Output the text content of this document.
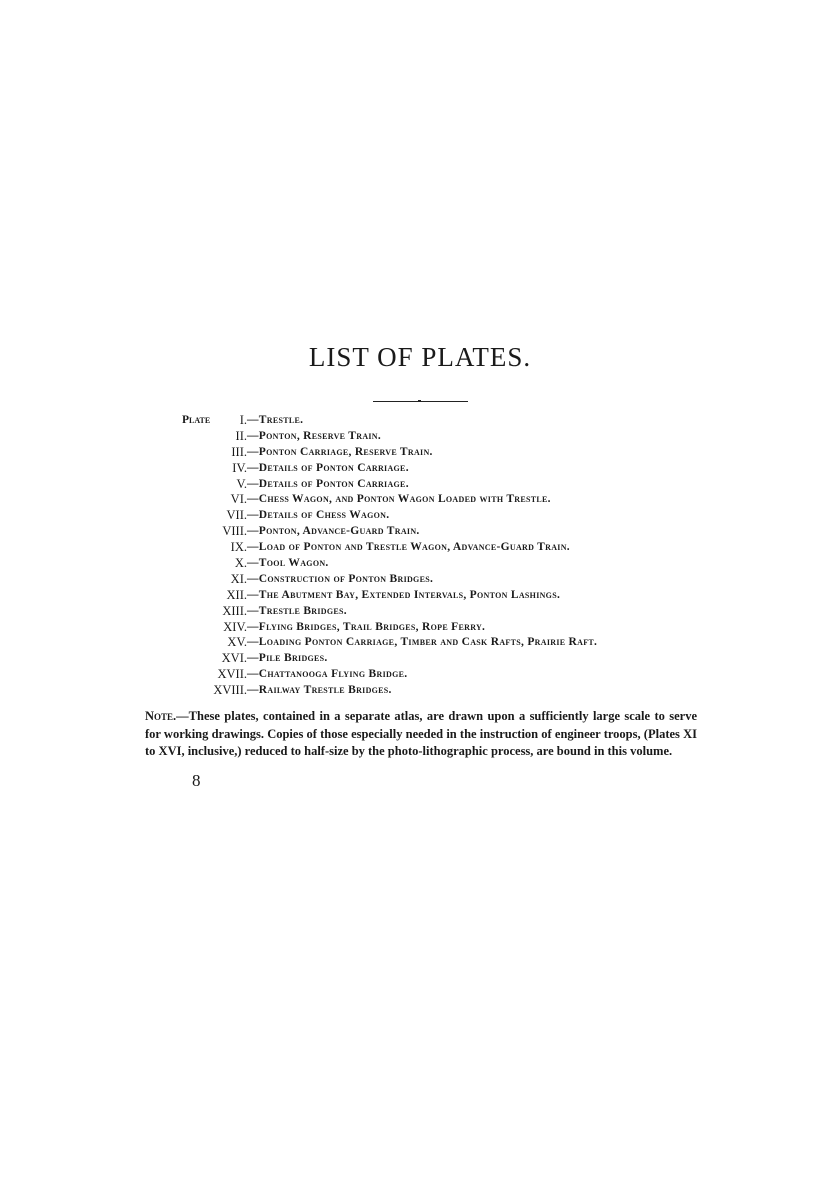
LIST OF PLATES.
Plate I. —Trestle.
II. —Ponton, Reserve Train.
III. —Ponton Carriage, Reserve Train.
IV. —Details of Ponton Carriage.
V. —Details of Ponton Carriage.
VI. —Chess Wagon, and Ponton Wagon Loaded with Trestle.
VII. —Details of Chess Wagon.
VIII. —Ponton, Advance-Guard Train.
IX. —Load of Ponton and Trestle Wagon, Advance-Guard Train.
X. —Tool Wagon.
XI. —Construction of Ponton Bridges.
XII. —The Abutment Bay, Extended Intervals, Ponton Lashings.
XIII. —Trestle Bridges.
XIV. —Flying Bridges, Trail Bridges, Rope Ferry.
XV. —Loading Ponton Carriage, Timber and Cask Rafts, Prairie Raft.
XVI. —Pile Bridges.
XVII. —Chattanooga Flying Bridge.
XVIII. —Railway Trestle Bridges.

Note.—These plates, contained in a separate atlas, are drawn upon a sufficiently large scale to serve for working drawings. Copies of those especially needed in the instruction of engineer troops, (Plates XI to XVI, inclusive,) reduced to half-size by the photo-lithographic process, are bound in this volume.

8
